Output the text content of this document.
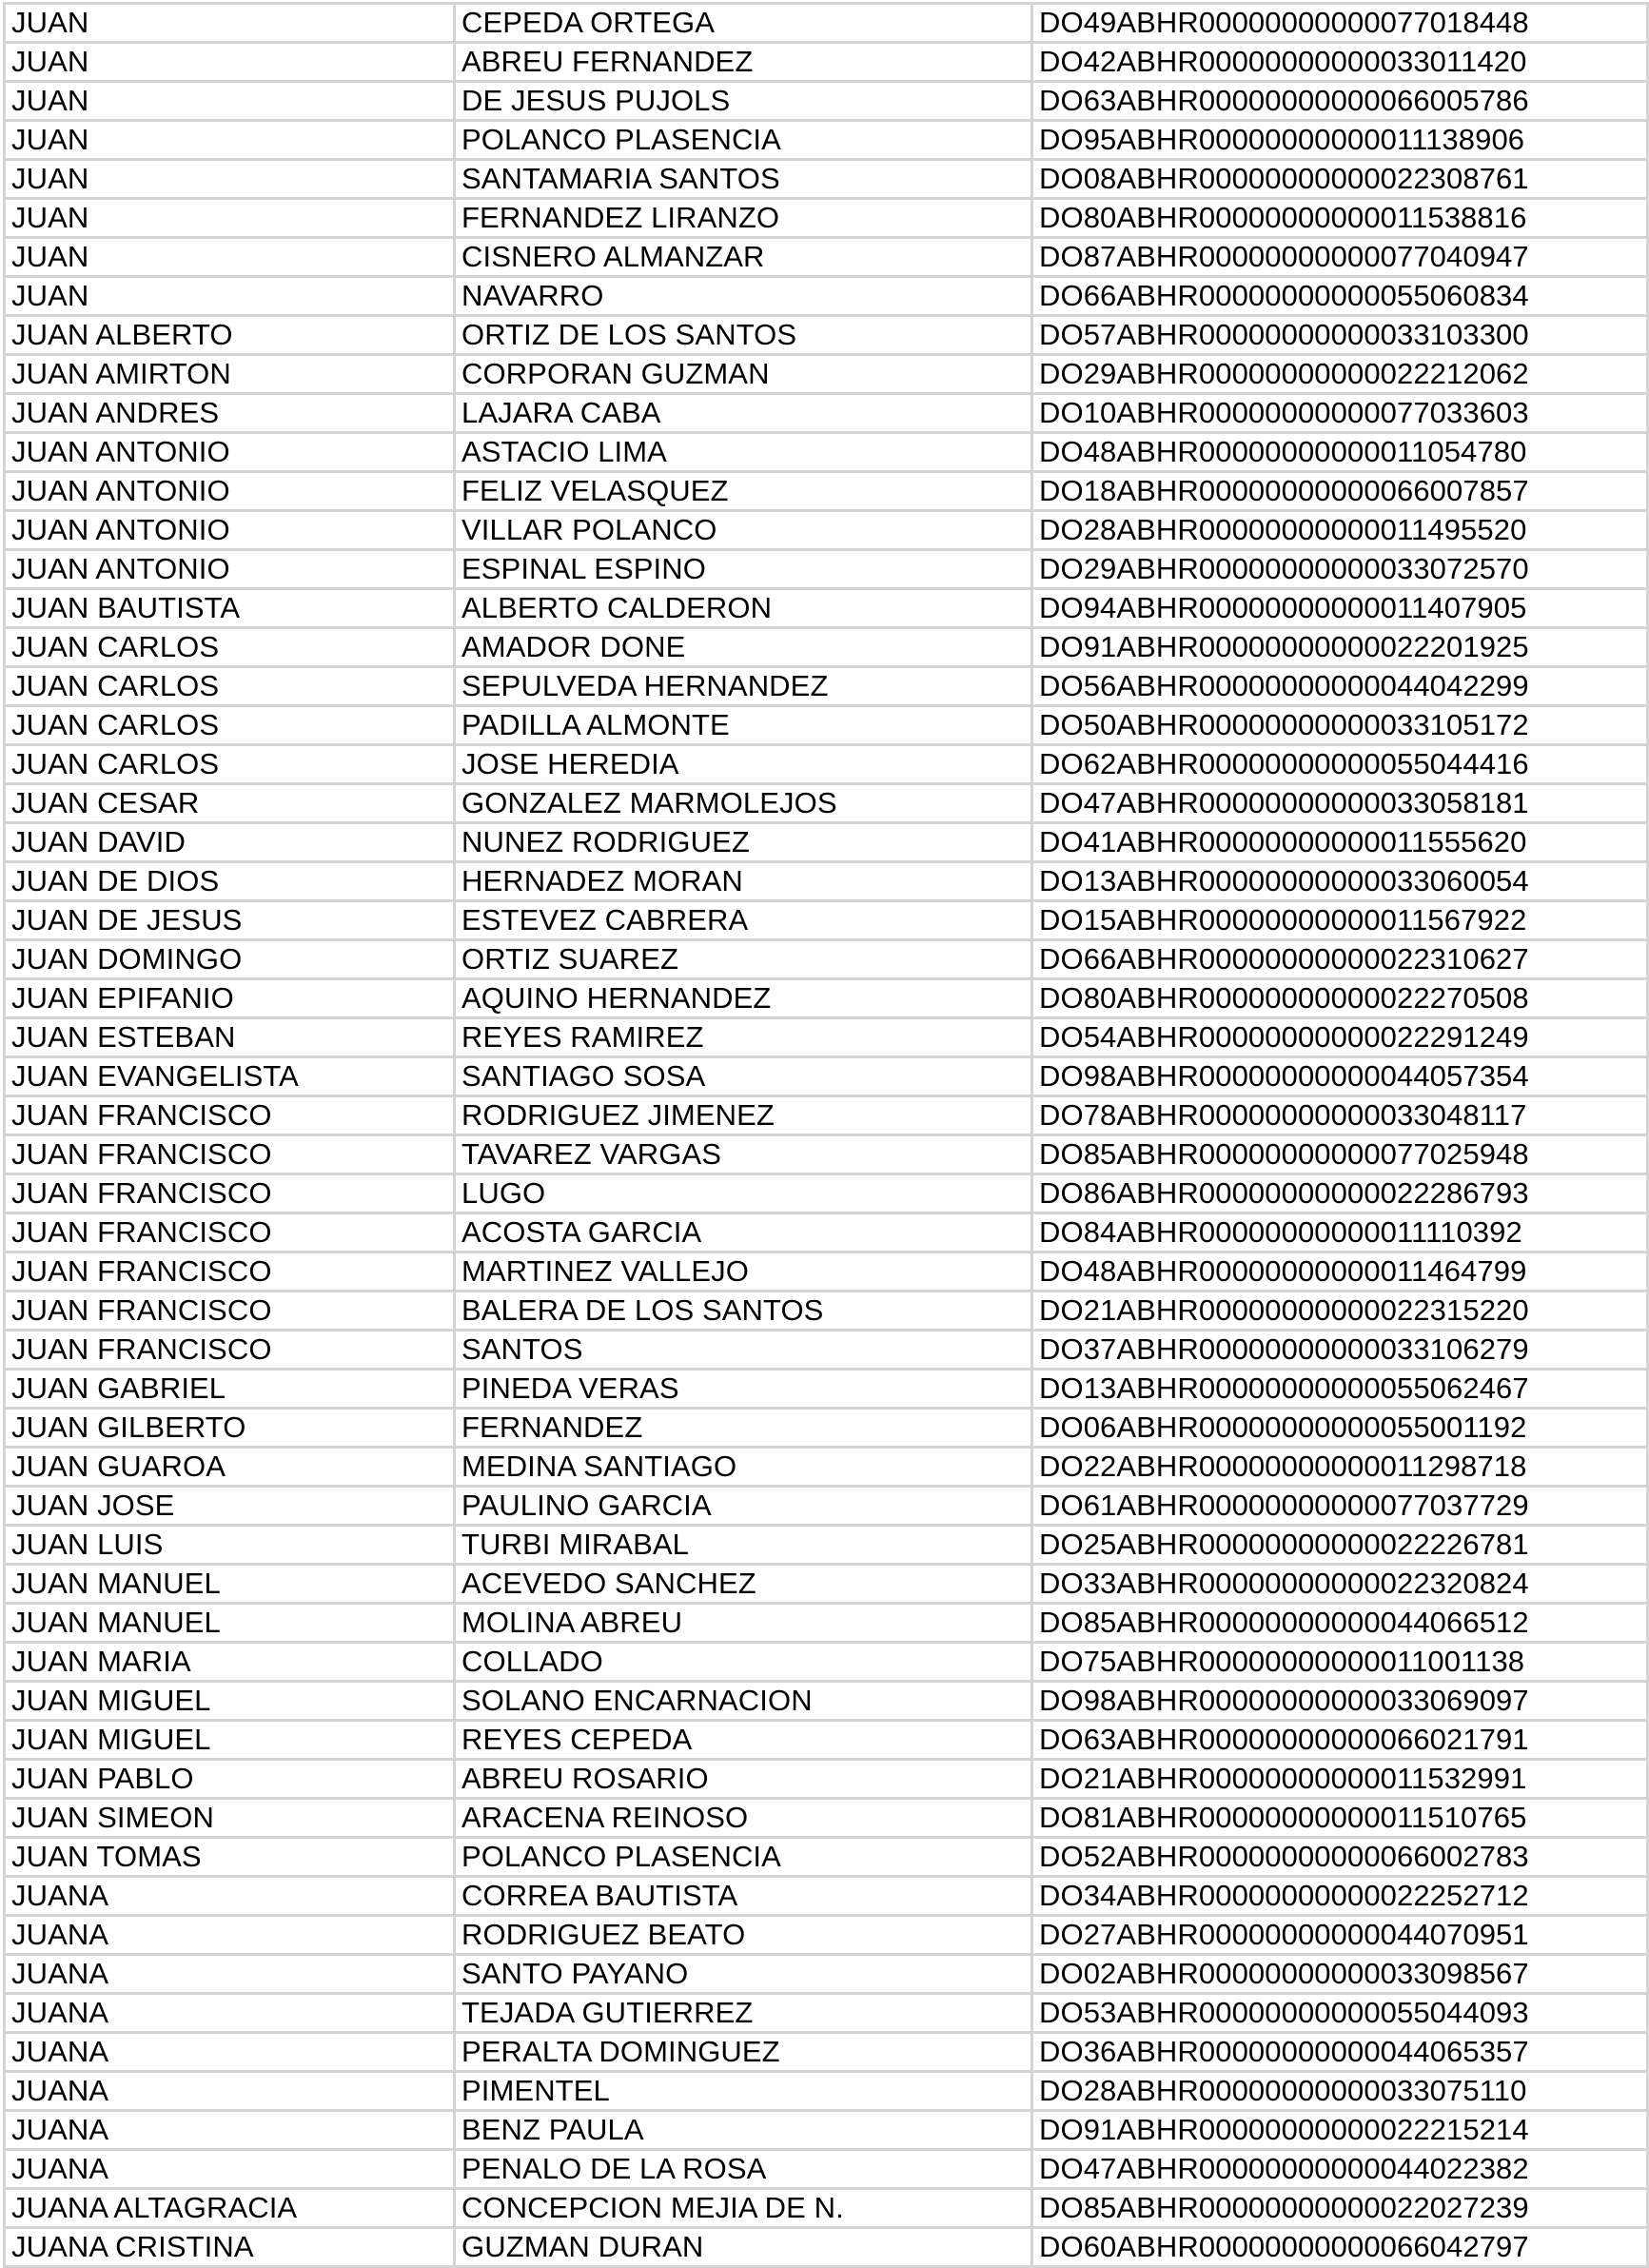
JUAN	CEPEDA ORTEGA	DO49ABHR00000000000077018448
JUAN	ABREU FERNANDEZ	DO42ABHR00000000000033011420
JUAN	DE JESUS PUJOLS	DO63ABHR00000000000066005786
JUAN	POLANCO PLASENCIA	DO95ABHR00000000000011138906
JUAN	SANTAMARIA SANTOS	DO08ABHR00000000000022308761
JUAN	FERNANDEZ LIRANZO	DO80ABHR00000000000011538816
JUAN	CISNERO ALMANZAR	DO87ABHR00000000000077040947
JUAN	NAVARRO	DO66ABHR00000000000055060834
JUAN ALBERTO	ORTIZ DE LOS SANTOS	DO57ABHR00000000000033103300
JUAN AMIRTON	CORPORAN GUZMAN	DO29ABHR00000000000022212062
JUAN ANDRES	LAJARA CABA	DO10ABHR00000000000077033603
JUAN ANTONIO	ASTACIO LIMA	DO48ABHR00000000000011054780
JUAN ANTONIO	FELIZ VELASQUEZ	DO18ABHR00000000000066007857
JUAN ANTONIO	VILLAR POLANCO	DO28ABHR00000000000011495520
JUAN ANTONIO	ESPINAL ESPINO	DO29ABHR00000000000033072570
JUAN BAUTISTA	ALBERTO CALDERON	DO94ABHR00000000000011407905
JUAN CARLOS	AMADOR DONE	DO91ABHR00000000000022201925
JUAN CARLOS	SEPULVEDA HERNANDEZ	DO56ABHR00000000000044042299
JUAN CARLOS	PADILLA ALMONTE	DO50ABHR00000000000033105172
JUAN CARLOS	JOSE HEREDIA	DO62ABHR00000000000055044416
JUAN CESAR	GONZALEZ MARMOLEJOS	DO47ABHR00000000000033058181
JUAN DAVID	NUNEZ RODRIGUEZ	DO41ABHR00000000000011555620
JUAN DE DIOS	HERNADEZ MORAN	DO13ABHR00000000000033060054
JUAN DE JESUS	ESTEVEZ CABRERA	DO15ABHR00000000000011567922
JUAN DOMINGO	ORTIZ SUAREZ	DO66ABHR00000000000022310627
JUAN EPIFANIO	AQUINO HERNANDEZ	DO80ABHR00000000000022270508
JUAN ESTEBAN	REYES RAMIREZ	DO54ABHR00000000000022291249
JUAN EVANGELISTA	SANTIAGO SOSA	DO98ABHR00000000000044057354
JUAN FRANCISCO	RODRIGUEZ JIMENEZ	DO78ABHR00000000000033048117
JUAN FRANCISCO	TAVAREZ VARGAS	DO85ABHR00000000000077025948
JUAN FRANCISCO	LUGO	DO86ABHR00000000000022286793
JUAN FRANCISCO	ACOSTA GARCIA	DO84ABHR00000000000011110392
JUAN FRANCISCO	MARTINEZ VALLEJO	DO48ABHR00000000000011464799
JUAN FRANCISCO	BALERA DE LOS SANTOS	DO21ABHR00000000000022315220
JUAN FRANCISCO	SANTOS	DO37ABHR00000000000033106279
JUAN GABRIEL	PINEDA VERAS	DO13ABHR00000000000055062467
JUAN GILBERTO	FERNANDEZ	DO06ABHR00000000000055001192
JUAN GUAROA	MEDINA SANTIAGO	DO22ABHR00000000000011298718
JUAN JOSE	PAULINO GARCIA	DO61ABHR00000000000077037729
JUAN LUIS	TURBI MIRABAL	DO25ABHR00000000000022226781
JUAN MANUEL	ACEVEDO SANCHEZ	DO33ABHR00000000000022320824
JUAN MANUEL	MOLINA ABREU	DO85ABHR00000000000044066512
JUAN MARIA	COLLADO	DO75ABHR00000000000011001138
JUAN MIGUEL	SOLANO ENCARNACION	DO98ABHR00000000000033069097
JUAN MIGUEL	REYES CEPEDA	DO63ABHR00000000000066021791
JUAN PABLO	ABREU ROSARIO	DO21ABHR00000000000011532991
JUAN SIMEON	ARACENA REINOSO	DO81ABHR00000000000011510765
JUAN TOMAS	POLANCO PLASENCIA	DO52ABHR00000000000066002783
JUANA	CORREA BAUTISTA	DO34ABHR00000000000022252712
JUANA	RODRIGUEZ BEATO	DO27ABHR00000000000044070951
JUANA	SANTO PAYANO	DO02ABHR00000000000033098567
JUANA	TEJADA GUTIERREZ	DO53ABHR00000000000055044093
JUANA	PERALTA DOMINGUEZ	DO36ABHR00000000000044065357
JUANA	PIMENTEL	DO28ABHR00000000000033075110
JUANA	BENZ PAULA	DO91ABHR00000000000022215214
JUANA	PENALO DE LA ROSA	DO47ABHR00000000000044022382
JUANA ALTAGRACIA	CONCEPCION MEJIA DE N.	DO85ABHR00000000000022027239
JUANA CRISTINA	GUZMAN DURAN	DO60ABHR00000000000066042797
